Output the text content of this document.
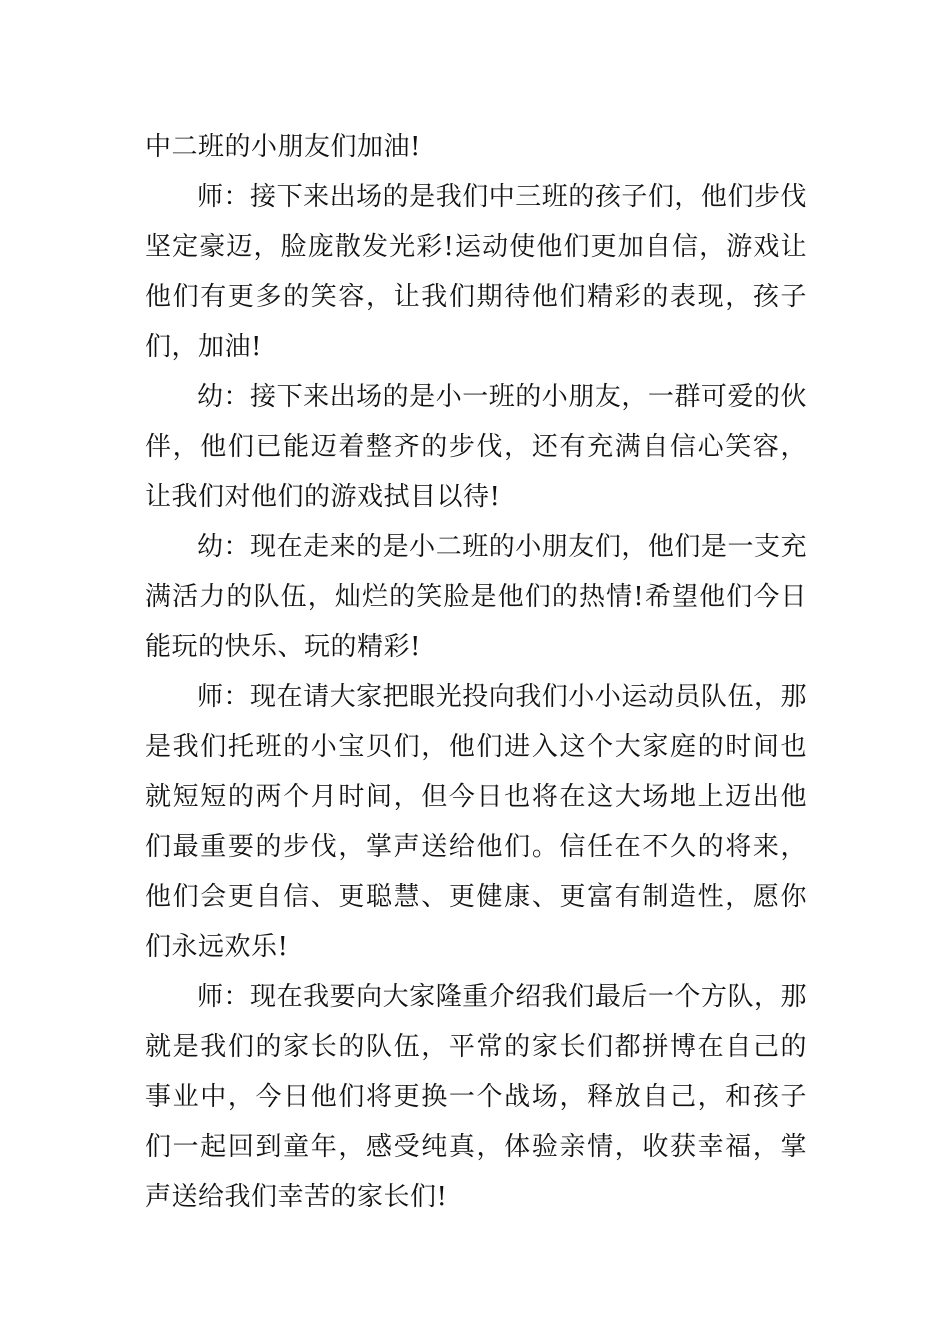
中二班的小朋友们加油!

师：接下来出场的是我们中三班的孩子们，他们步伐坚定豪迈，脸庞散发光彩!运动使他们更加自信，游戏让他们有更多的笑容，让我们期待他们精彩的表现，孩子们，加油!

幼：接下来出场的是小一班的小朋友，一群可爱的伙伴，他们已能迈着整齐的步伐，还有充满自信心笑容，让我们对他们的游戏拭目以待!

幼：现在走来的是小二班的小朋友们，他们是一支充满活力的队伍，灿烂的笑脸是他们的热情!希望他们今日能玩的快乐、玩的精彩!

师：现在请大家把眼光投向我们小小运动员队伍，那是我们托班的小宝贝们，他们进入这个大家庭的时间也就短短的两个月时间，但今日也将在这大场地上迈出他们最重要的步伐，掌声送给他们。信任在不久的将来，他们会更自信、更聪慧、更健康、更富有制造性，愿你们永远欢乐!

师：现在我要向大家隆重介绍我们最后一个方队，那就是我们的家长的队伍，平常的家长们都拼博在自己的事业中，今日他们将更换一个战场，释放自己，和孩子们一起回到童年，感受纯真，体验亲情，收获幸福，掌声送给我们幸苦的家长们!
